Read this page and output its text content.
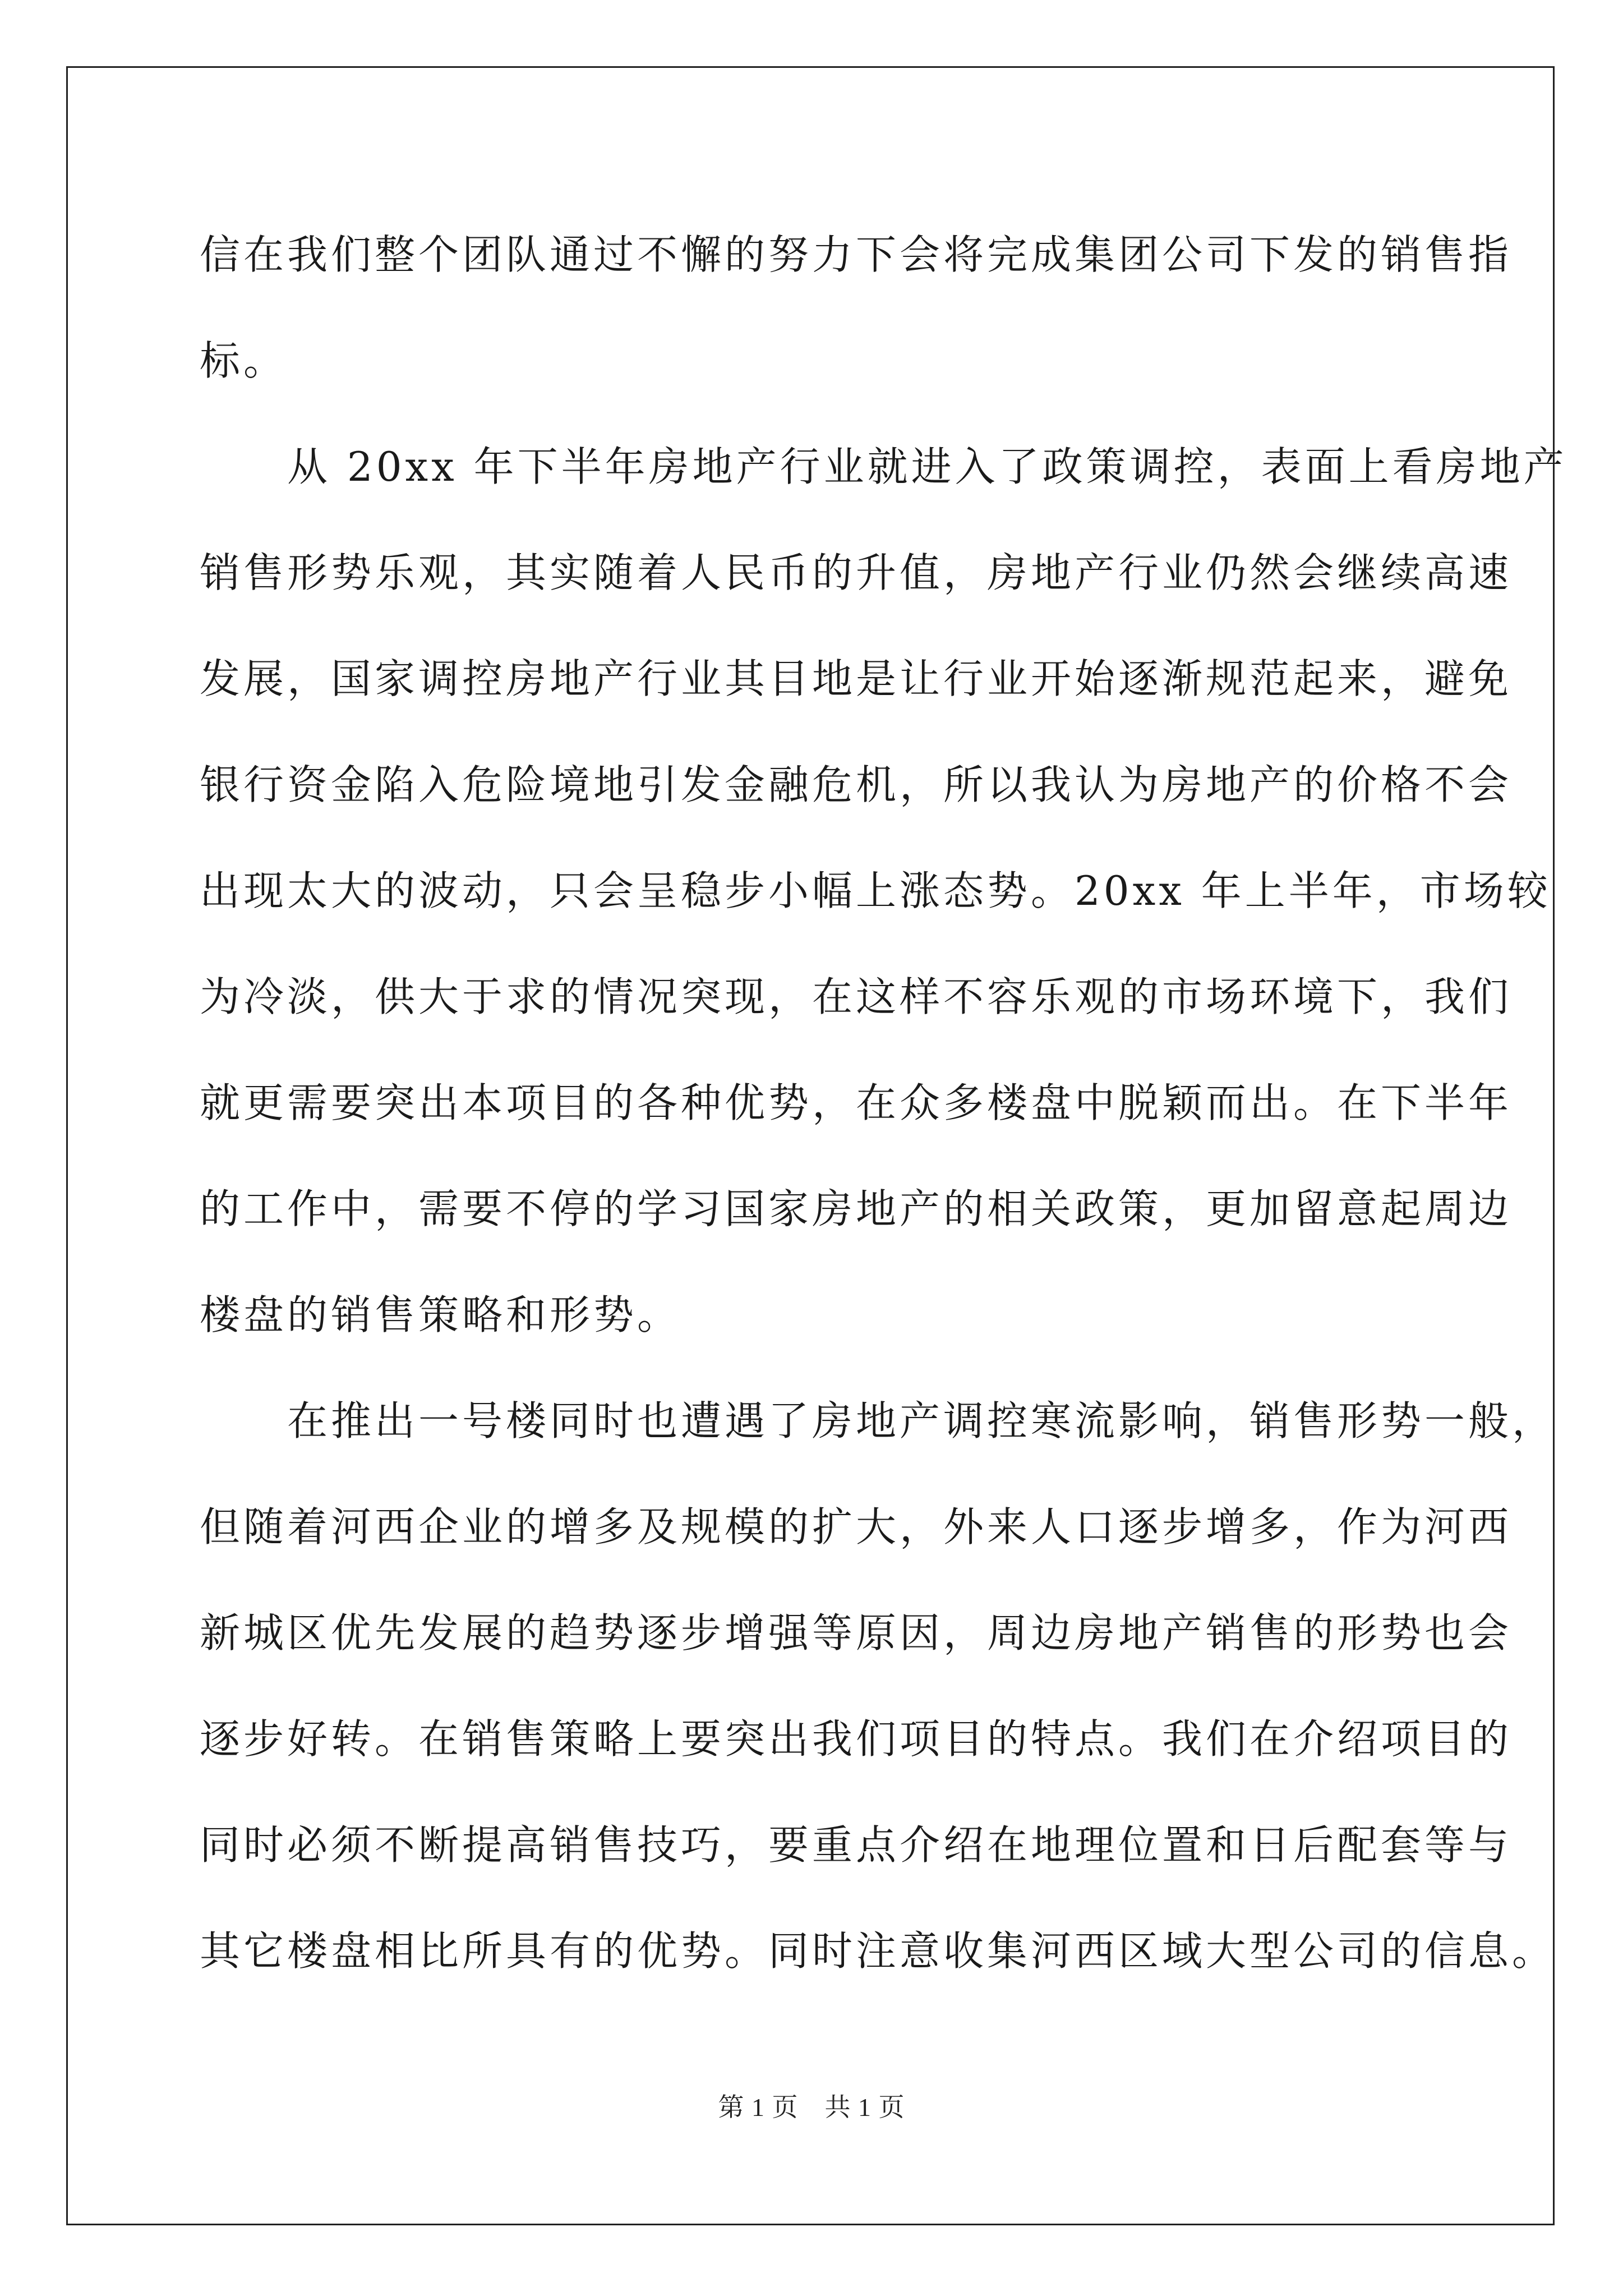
信在我们整个团队通过不懈的努力下会将完成集团公司下发的销售指
标。
　　从 20xx 年下半年房地产行业就进入了政策调控，表面上看房地产
销售形势乐观，其实随着人民币的升值，房地产行业仍然会继续高速
发展，国家调控房地产行业其目地是让行业开始逐渐规范起来，避免
银行资金陷入危险境地引发金融危机，所以我认为房地产的价格不会
出现太大的波动，只会呈稳步小幅上涨态势。20xx 年上半年，市场较
为冷淡，供大于求的情况突现，在这样不容乐观的市场环境下，我们
就更需要突出本项目的各种优势，在众多楼盘中脱颖而出。在下半年
的工作中，需要不停的学习国家房地产的相关政策，更加留意起周边
楼盘的销售策略和形势。
　　在推出一号楼同时也遭遇了房地产调控寒流影响，销售形势一般，
但随着河西企业的增多及规模的扩大，外来人口逐步增多，作为河西
新城区优先发展的趋势逐步增强等原因，周边房地产销售的形势也会
逐步好转。在销售策略上要突出我们项目的特点。我们在介绍项目的
同时必须不断提高销售技巧，要重点介绍在地理位置和日后配套等与
其它楼盘相比所具有的优势。同时注意收集河西区域大型公司的信息。
第 1 页　共 1 页
